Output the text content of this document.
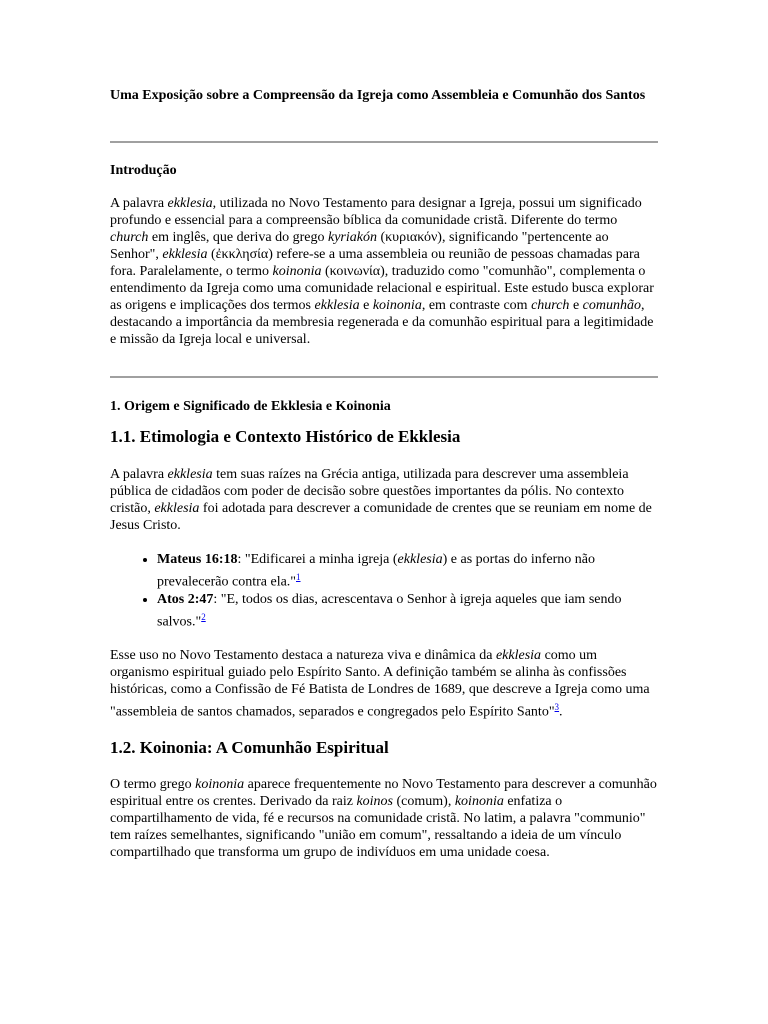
Uma Exposição sobre a Compreensão da Igreja como Assembleia e Comunhão dos Santos
Introdução

A palavra ekklesia, utilizada no Novo Testamento para designar a Igreja, possui um significado profundo e essencial para a compreensão bíblica da comunidade cristã. Diferente do termo church em inglês, que deriva do grego kyriakón (κυριακόν), significando "pertencente ao Senhor", ekklesia (ἐκκλησία) refere-se a uma assembleia ou reunião de pessoas chamadas para fora. Paralelamente, o termo koinonia (κοινωνία), traduzido como "comunhão", complementa o entendimento da Igreja como uma comunidade relacional e espiritual. Este estudo busca explorar as origens e implicações dos termos ekklesia e koinonia, em contraste com church e comunhão, destacando a importância da membresia regenerada e da comunhão espiritual para a legitimidade e missão da Igreja local e universal.

1. Origem e Significado de Ekklesia e Koinonia
1.1. Etimologia e Contexto Histórico de Ekklesia

A palavra ekklesia tem suas raízes na Grécia antiga, utilizada para descrever uma assembleia pública de cidadãos com poder de decisão sobre questões importantes da pólis. No contexto cristão, ekklesia foi adotada para descrever a comunidade de crentes que se reuniam em nome de Jesus Cristo.

• Mateus 16:18: "Edificarei a minha igreja (ekklesia) e as portas do inferno não prevalecerão contra ela."$^1$
• Atos 2:47: "E, todos os dias, acrescentava o Senhor à igreja aqueles que iam sendo salvos."$^2$

Esse uso no Novo Testamento destaca a natureza viva e dinâmica da ekklesia como um organismo espiritual guiado pelo Espírito Santo. A definição também se alinha às confissões históricas, como a Confissão de Fé Batista de Londres de 1689, que descreve a Igreja como uma "assembleia de santos chamados, separados e congregados pelo Espírito Santo"$^3$.

1.2. Koinonia: A Comunhão Espiritual

O termo grego koinonia aparece frequentemente no Novo Testamento para descrever a comunhão espiritual entre os crentes. Derivado da raiz koinos (comum), koinonia enfatiza o compartilhamento de vida, fé e recursos na comunidade cristã. No latim, a palavra "communio" tem raízes semelhantes, significando "união em comum", ressaltando a ideia de um vínculo compartilhado que transforma um grupo de indivíduos em uma unidade coesa.
